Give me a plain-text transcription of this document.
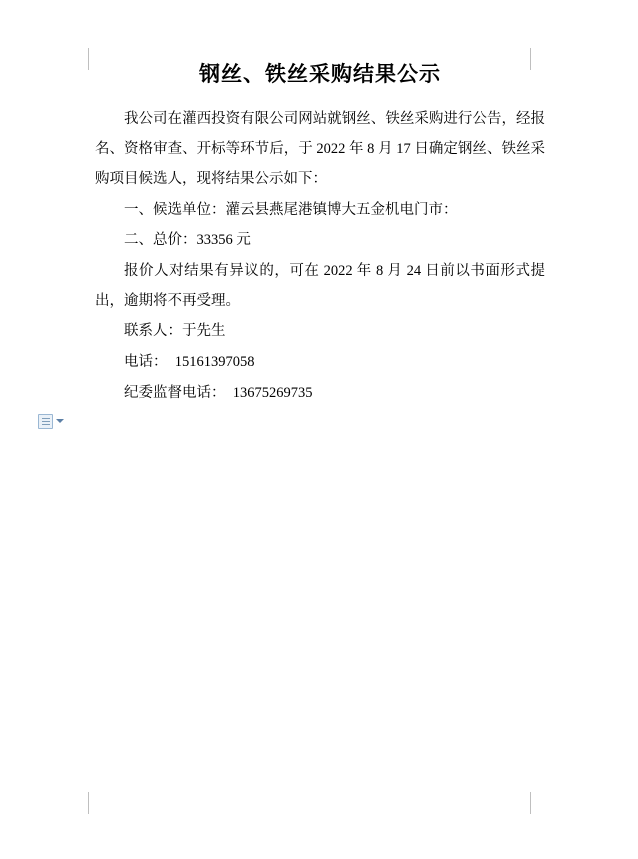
钢丝、铁丝采购结果公示

我公司在灌西投资有限公司网站就钢丝、铁丝采购进行公告，经报名、资格审查、开标等环节后，于 2022 年 8 月 17 日确定钢丝、铁丝采购项目候选人，现将结果公示如下：

一、候选单位：灌云县燕尾港镇博大五金机电门市：

二、总价：33356 元

报价人对结果有异议的，可在 2022 年 8 月 24 日前以书面形式提出，逾期将不再受理。

联系人：于先生

电话：　15161397058

纪委监督电话：　13675269735
